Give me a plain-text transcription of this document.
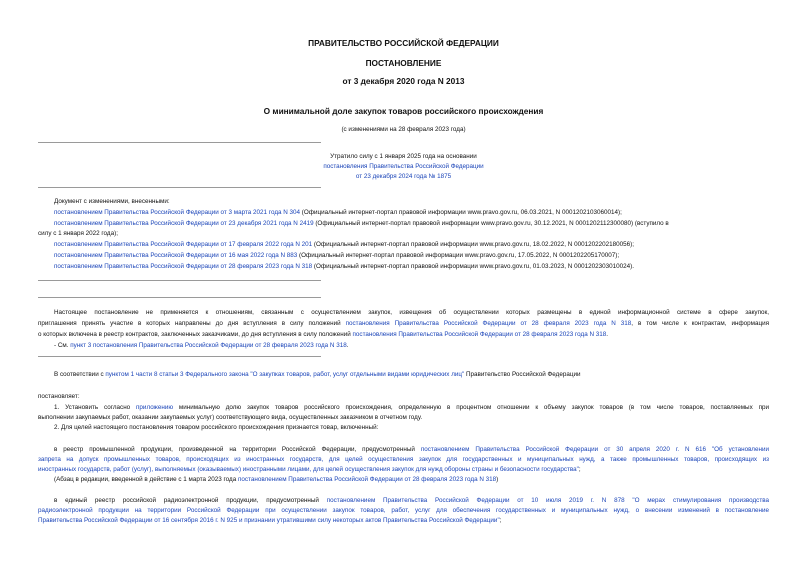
ПРАВИТЕЛЬСТВО РОССИЙСКОЙ ФЕДЕРАЦИИ
ПОСТАНОВЛЕНИЕ
от 3 декабря 2020 года N 2013
О минимальной доле закупок товаров российского происхождения
(с изменениями на 28 февраля 2023 года)
Утратило силу с 1 января 2025 года на основании
постановления Правительства Российской Федерации
от 23 декабря 2024 года № 1875
Документ с изменениями, внесенными:
постановлением Правительства Российской Федерации от 3 марта 2021 года N 304 (Официальный интернет-портал правовой информации www.pravo.gov.ru, 06.03.2021, N 0001202103060014);
постановлением Правительства Российской Федерации от 23 декабря 2021 года N 2419 (Официальный интернет-портал правовой информации www.pravo.gov.ru, 30.12.2021, N 0001202112300080) (вступило в
силу с 1 января 2022 года);
постановлением Правительства Российской Федерации от 17 февраля 2022 года N 201 (Официальный интернет-портал правовой информации www.pravo.gov.ru, 18.02.2022, N 0001202202180056);
постановлением Правительства Российской Федерации от 16 мая 2022 года N 883 (Официальный интернет-портал правовой информации www.pravo.gov.ru, 17.05.2022, N 0001202205170007);
постановлением Правительства Российской Федерации от 28 февраля 2023 года N 318 (Официальный интернет-портал правовой информации www.pravo.gov.ru, 01.03.2023, N 0001202303010024).
Настоящее постановление не применяется к отношениям, связанным с осуществлением закупок, извещения об осуществлении которых размещены в единой информационной системе в сфере закупок,
приглашения принять участие в которых направлены до дня вступления в силу положений постановления Правительства Российской Федерации от 28 февраля 2023 года N 318, в том числе к контрактам, информация
о которых включена в реестр контрактов, заключенных заказчиками, до дня вступления в силу положений постановления Правительства Российской Федерации от 28 февраля 2023 года N 318.
- См. пункт 3 постановления Правительства Российской Федерации от 28 февраля 2023 года N 318.
В соответствии с пунктом 1 части 8 статьи 3 Федерального закона "О закупках товаров, работ, услуг отдельными видами юридических лиц" Правительство Российской Федерации
постановляет:
1. Установить согласно приложению минимальную долю закупок товаров российского происхождения, определенную в процентном отношении к объему закупок товаров (в том числе товаров, поставляемых при
выполнении закупаемых работ, оказании закупаемых услуг) соответствующего вида, осуществленных заказчиком в отчетном году.
2. Для целей настоящего постановления товаром российского происхождения признается товар, включенный:
в реестр промышленной продукции, произведенной на территории Российской Федерации, предусмотренный постановлением Правительства Российской Федерации от 30 апреля 2020 г. N 616 "Об установлении
запрета на допуск промышленных товаров, происходящих из иностранных государств, для целей осуществления закупок для государственных и муниципальных нужд, а также промышленных товаров, происходящих из
иностранных государств, работ (услуг), выполняемых (оказываемых) иностранными лицами, для целей осуществления закупок для нужд обороны страны и безопасности государства";
(Абзац в редакции, введенной в действие с 1 марта 2023 года постановлением Правительства Российской Федерации от 28 февраля 2023 года N 318)
в единый реестр российской радиоэлектронной продукции, предусмотренный постановлением Правительства Российской Федерации от 10 июля 2019 г. N 878 "О мерах стимулирования производства
радиоэлектронной продукции на территории Российской Федерации при осуществлении закупок товаров, работ, услуг для обеспечения государственных и муниципальных нужд, о внесении изменений в постановление
Правительства Российской Федерации от 16 сентября 2016 г. N 925 и признании утратившими силу некоторых актов Правительства Российской Федерации";
